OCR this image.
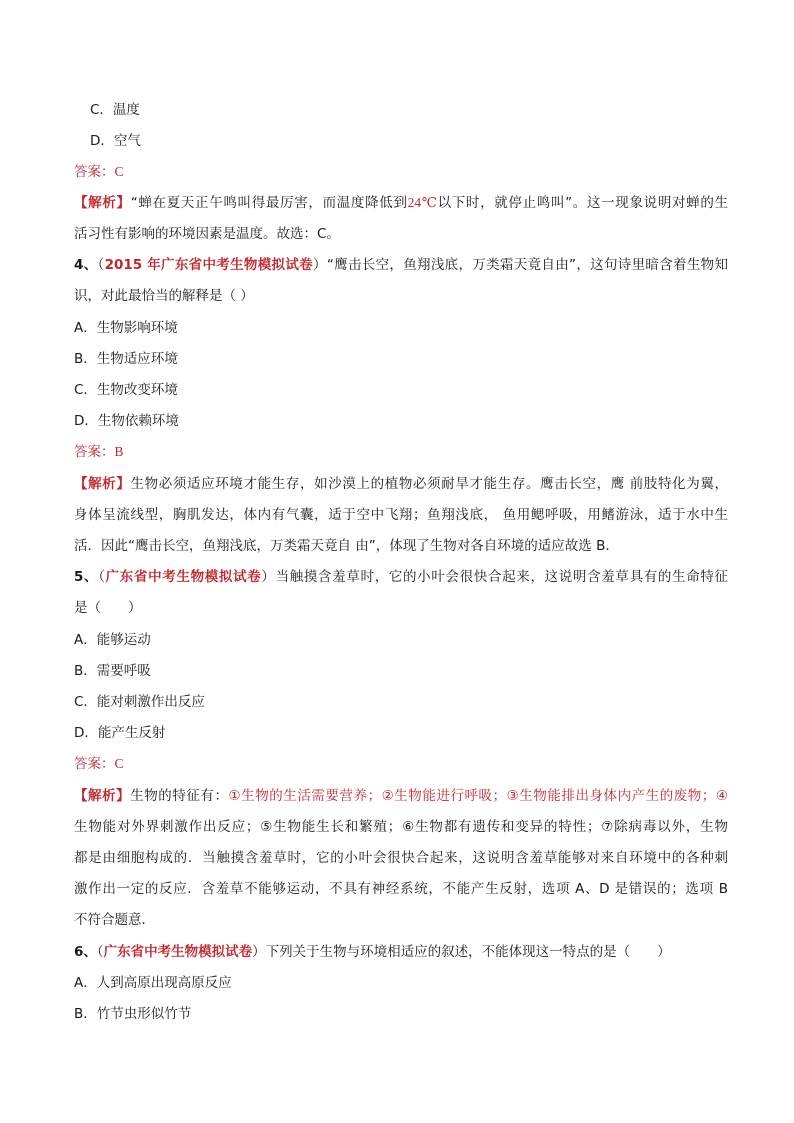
C．温度
D．空气
答案：C
【解析】“蝉在夏天正午鸣叫得最厉害，而温度降低到24℃以下时，就停止鸣叫”。这一现象说明对蝉的生
活习性有影响的环境因素是温度。故选：C。
4、（2015 年广东省中考生物模拟试卷）“鹰击长空，鱼翔浅底，万类霜天竟自由”，这句诗里暗含着生物知
识，对此最恰当的解释是（ ）
A．生物影响环境
B．生物适应环境
C．生物改变环境
D．生物依赖环境
答案：B
【解析】生物必须适应环境才能生存，如沙漠上的植物必须耐旱才能生存。鹰击长空，鹰 前肢特化为翼，
身体呈流线型，胸肌发达，体内有气囊，适于空中飞翔；鱼翔浅底， 鱼用鳃呼吸，用鳍游泳，适于水中生
活．因此“鹰击长空，鱼翔浅底，万类霜天竟自 由”，体现了生物对各自环境的适应故选 B．
5、（广东省中考生物模拟试卷）当触摸含羞草时，它的小叶会很快合起来，这说明含羞草具有的生命特征
是（　　）
A．能够运动
B．需要呼吸
C．能对刺激作出反应
D．能产生反射
答案：C
【解析】生物的特征有：①生物的生活需要营养；②生物能进行呼吸；③生物能排出身体内产生的废物；④
生物能对外界刺激作出反应；⑤生物能生长和繁殖；⑥生物都有遗传和变异的特性；⑦除病毒以外，生物
都是由细胞构成的．当触摸含羞草时，它的小叶会很快合起来，这说明含羞草能够对来自环境中的各种刺
激作出一定的反应．含羞草不能够运动，不具有神经系统，不能产生反射，选项 A、D 是错误的；选项 B
不符合题意．
6、（广东省中考生物模拟试卷）下列关于生物与环境相适应的叙述，不能体现这一特点的是（　　）
A．人到高原出现高原反应
B．竹节虫形似竹节
